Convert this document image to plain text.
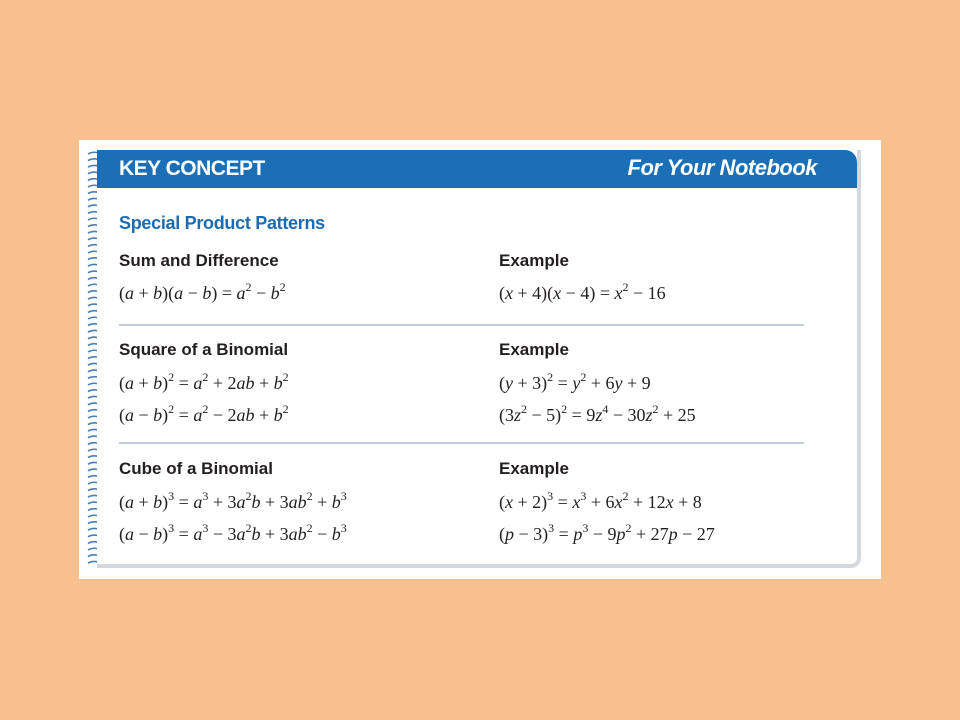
KEY CONCEPT	For Your Notebook
Special Product Patterns
Sum and Difference	Example
$(a + b)(a - b) = a^2 - b^2$	$(x + 4)(x - 4) = x^2 - 16$
Square of a Binomial	Example
$(a + b)^2 = a^2 + 2ab + b^2$	$(y + 3)^2 = y^2 + 6y + 9$
$(a - b)^2 = a^2 - 2ab + b^2$	$(3z^2 - 5)^2 = 9z^4 - 30z^2 + 25$
Cube of a Binomial	Example
$(a + b)^3 = a^3 + 3a^2b + 3ab^2 + b^3$	$(x + 2)^3 = x^3 + 6x^2 + 12x + 8$
$(a - b)^3 = a^3 - 3a^2b + 3ab^2 - b^3$	$(p - 3)^3 = p^3 - 9p^2 + 27p - 27$
